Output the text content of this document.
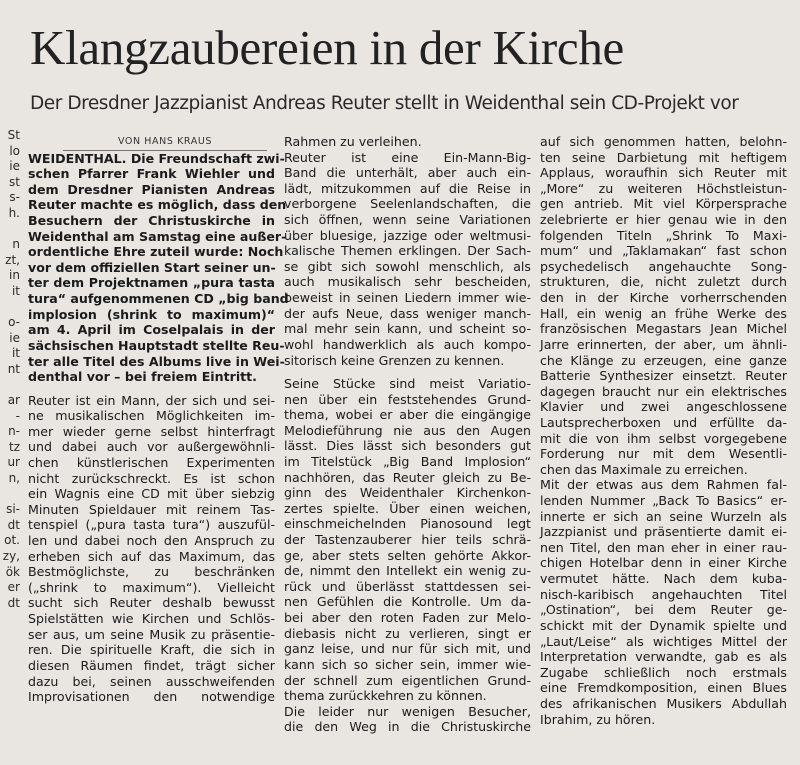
Klangzaubereien in der Kirche
Der Dresdner Jazzpianist Andreas Reuter stellt in Weidenthal sein CD-Projekt vor
St
lo
ie
st
s-
h.
n
zt,
in
it
o-
ie
it
nt
ar
-
n-
tz
ur
n,
si-
dt
ot.
zy,
ök
er
dt
VON HANS KRAUS
WEIDENTHAL. Die Freundschaft zwi-
schen Pfarrer Frank Wiehler und
dem Dresdner Pianisten Andreas
Reuter machte es möglich, dass den
Besuchern der Christuskirche in
Weidenthal am Samstag eine außer-
ordentliche Ehre zuteil wurde: Noch
vor dem offiziellen Start seiner un-
ter dem Projektnamen „pura tasta
tura“ aufgenommenen CD „big band
implosion (shrink to maximum)“
am 4. April im Coselpalais in der
sächsischen Hauptstadt stellte Reu-
ter alle Titel des Albums live in Wei-
denthal vor – bei freiem Eintritt.
Reuter ist ein Mann, der sich und sei-
ne musikalischen Möglichkeiten im-
mer wieder gerne selbst hinterfragt
und dabei auch vor außergewöhnli-
chen künstlerischen Experimenten
nicht zurückschreckt. Es ist schon
ein Wagnis eine CD mit über siebzig
Minuten Spieldauer mit reinem Tas-
tenspiel („pura tasta tura“) auszufül-
len und dabei noch den Anspruch zu
erheben sich auf das Maximum, das
Bestmöglichste, zu beschränken
(„shrink to maximum“). Vielleicht
sucht sich Reuter deshalb bewusst
Spielstätten wie Kirchen und Schlös-
ser aus, um seine Musik zu präsentie-
ren. Die spirituelle Kraft, die sich in
diesen Räumen findet, trägt sicher
dazu bei, seinen ausschweifenden
Improvisationen den notwendige
Rahmen zu verleihen.
Reuter ist eine Ein-Mann-Big-
Band die unterhält, aber auch ein-
lädt, mitzukommen auf die Reise in
verborgene Seelenlandschaften, die
sich öffnen, wenn seine Variationen
über bluesige, jazzige oder weltmusi-
kalische Themen erklingen. Der Sach-
se gibt sich sowohl menschlich, als
auch musikalisch sehr bescheiden,
beweist in seinen Liedern immer wie-
der aufs Neue, dass weniger manch-
mal mehr sein kann, und scheint so-
wohl handwerklich als auch kompo-
sitorisch keine Grenzen zu kennen.
Seine Stücke sind meist Variatio-
nen über ein feststehendes Grund-
thema, wobei er aber die eingängige
Melodieführung nie aus den Augen
lässt. Dies lässt sich besonders gut
im Titelstück „Big Band Implosion“
nachhören, das Reuter gleich zu Be-
ginn des Weidenthaler Kirchenkon-
zertes spielte. Über einen weichen,
einschmeichelnden Pianosound legt
der Tastenzauberer hier teils schrä-
ge, aber stets selten gehörte Akkor-
de, nimmt den Intellekt ein wenig zu-
rück und überlässt stattdessen sei-
nen Gefühlen die Kontrolle. Um da-
bei aber den roten Faden zur Melo-
diebasis nicht zu verlieren, singt er
ganz leise, und nur für sich mit, und
kann sich so sicher sein, immer wie-
der schnell zum eigentlichen Grund-
thema zurückkehren zu können.
Die leider nur wenigen Besucher,
die den Weg in die Christuskirche
auf sich genommen hatten, belohn-
ten seine Darbietung mit heftigem
Applaus, woraufhin sich Reuter mit
„More“ zu weiteren Höchstleistun-
gen antrieb. Mit viel Körpersprache
zelebrierte er hier genau wie in den
folgenden Titeln „Shrink To Maxi-
mum“ und „Taklamakan“ fast schon
psychedelisch angehauchte Song-
strukturen, die, nicht zuletzt durch
den in der Kirche vorherrschenden
Hall, ein wenig an frühe Werke des
französischen Megastars Jean Michel
Jarre erinnerten, der aber, um ähnli-
che Klänge zu erzeugen, eine ganze
Batterie Synthesizer einsetzt. Reuter
dagegen braucht nur ein elektrisches
Klavier und zwei angeschlossene
Lautsprecherboxen und erfüllte da-
mit die von ihm selbst vorgegebene
Forderung nur mit dem Wesentli-
chen das Maximale zu erreichen.
Mit der etwas aus dem Rahmen fal-
lenden Nummer „Back To Basics“ er-
innerte er sich an seine Wurzeln als
Jazzpianist und präsentierte damit ei-
nen Titel, den man eher in einer rau-
chigen Hotelbar denn in einer Kirche
vermutet hätte. Nach dem kuba-
nisch-karibisch angehauchten Titel
„Ostination“, bei dem Reuter ge-
schickt mit der Dynamik spielte und
„Laut/Leise“ als wichtiges Mittel der
Interpretation verwandte, gab es als
Zugabe schließlich noch erstmals
eine Fremdkomposition, einen Blues
des afrikanischen Musikers Abdullah
Ibrahim, zu hören.
